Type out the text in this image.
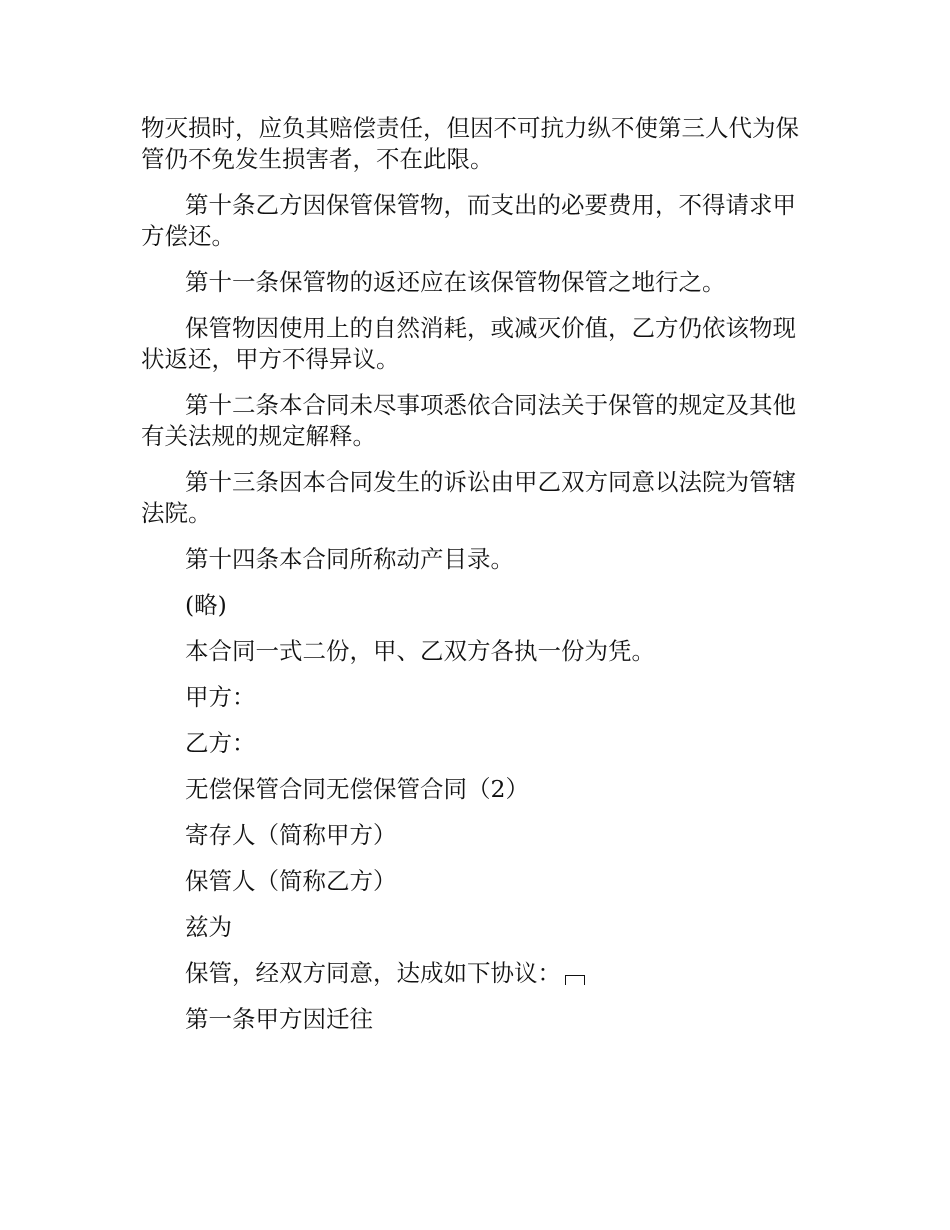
物灭损时，应负其赔偿责任，但因不可抗力纵不使第三人代为保管仍不免发生损害者，不在此限。

第十条乙方因保管保管物，而支出的必要费用，不得请求甲方偿还。

第十一条保管物的返还应在该保管物保管之地行之。

保管物因使用上的自然消耗，或减灭价值，乙方仍依该物现状返还，甲方不得异议。

第十二条本合同未尽事项悉依合同法关于保管的规定及其他有关法规的规定解释。

第十三条因本合同发生的诉讼由甲乙双方同意以法院为管辖法院。

第十四条本合同所称动产目录。

(略)

本合同一式二份，甲、乙双方各执一份为凭。

甲方：

乙方：

无偿保管合同无偿保管合同（2）

寄存人（简称甲方）

保管人（简称乙方）

兹为

保管，经双方同意，达成如下协议：

第一条甲方因迁往
